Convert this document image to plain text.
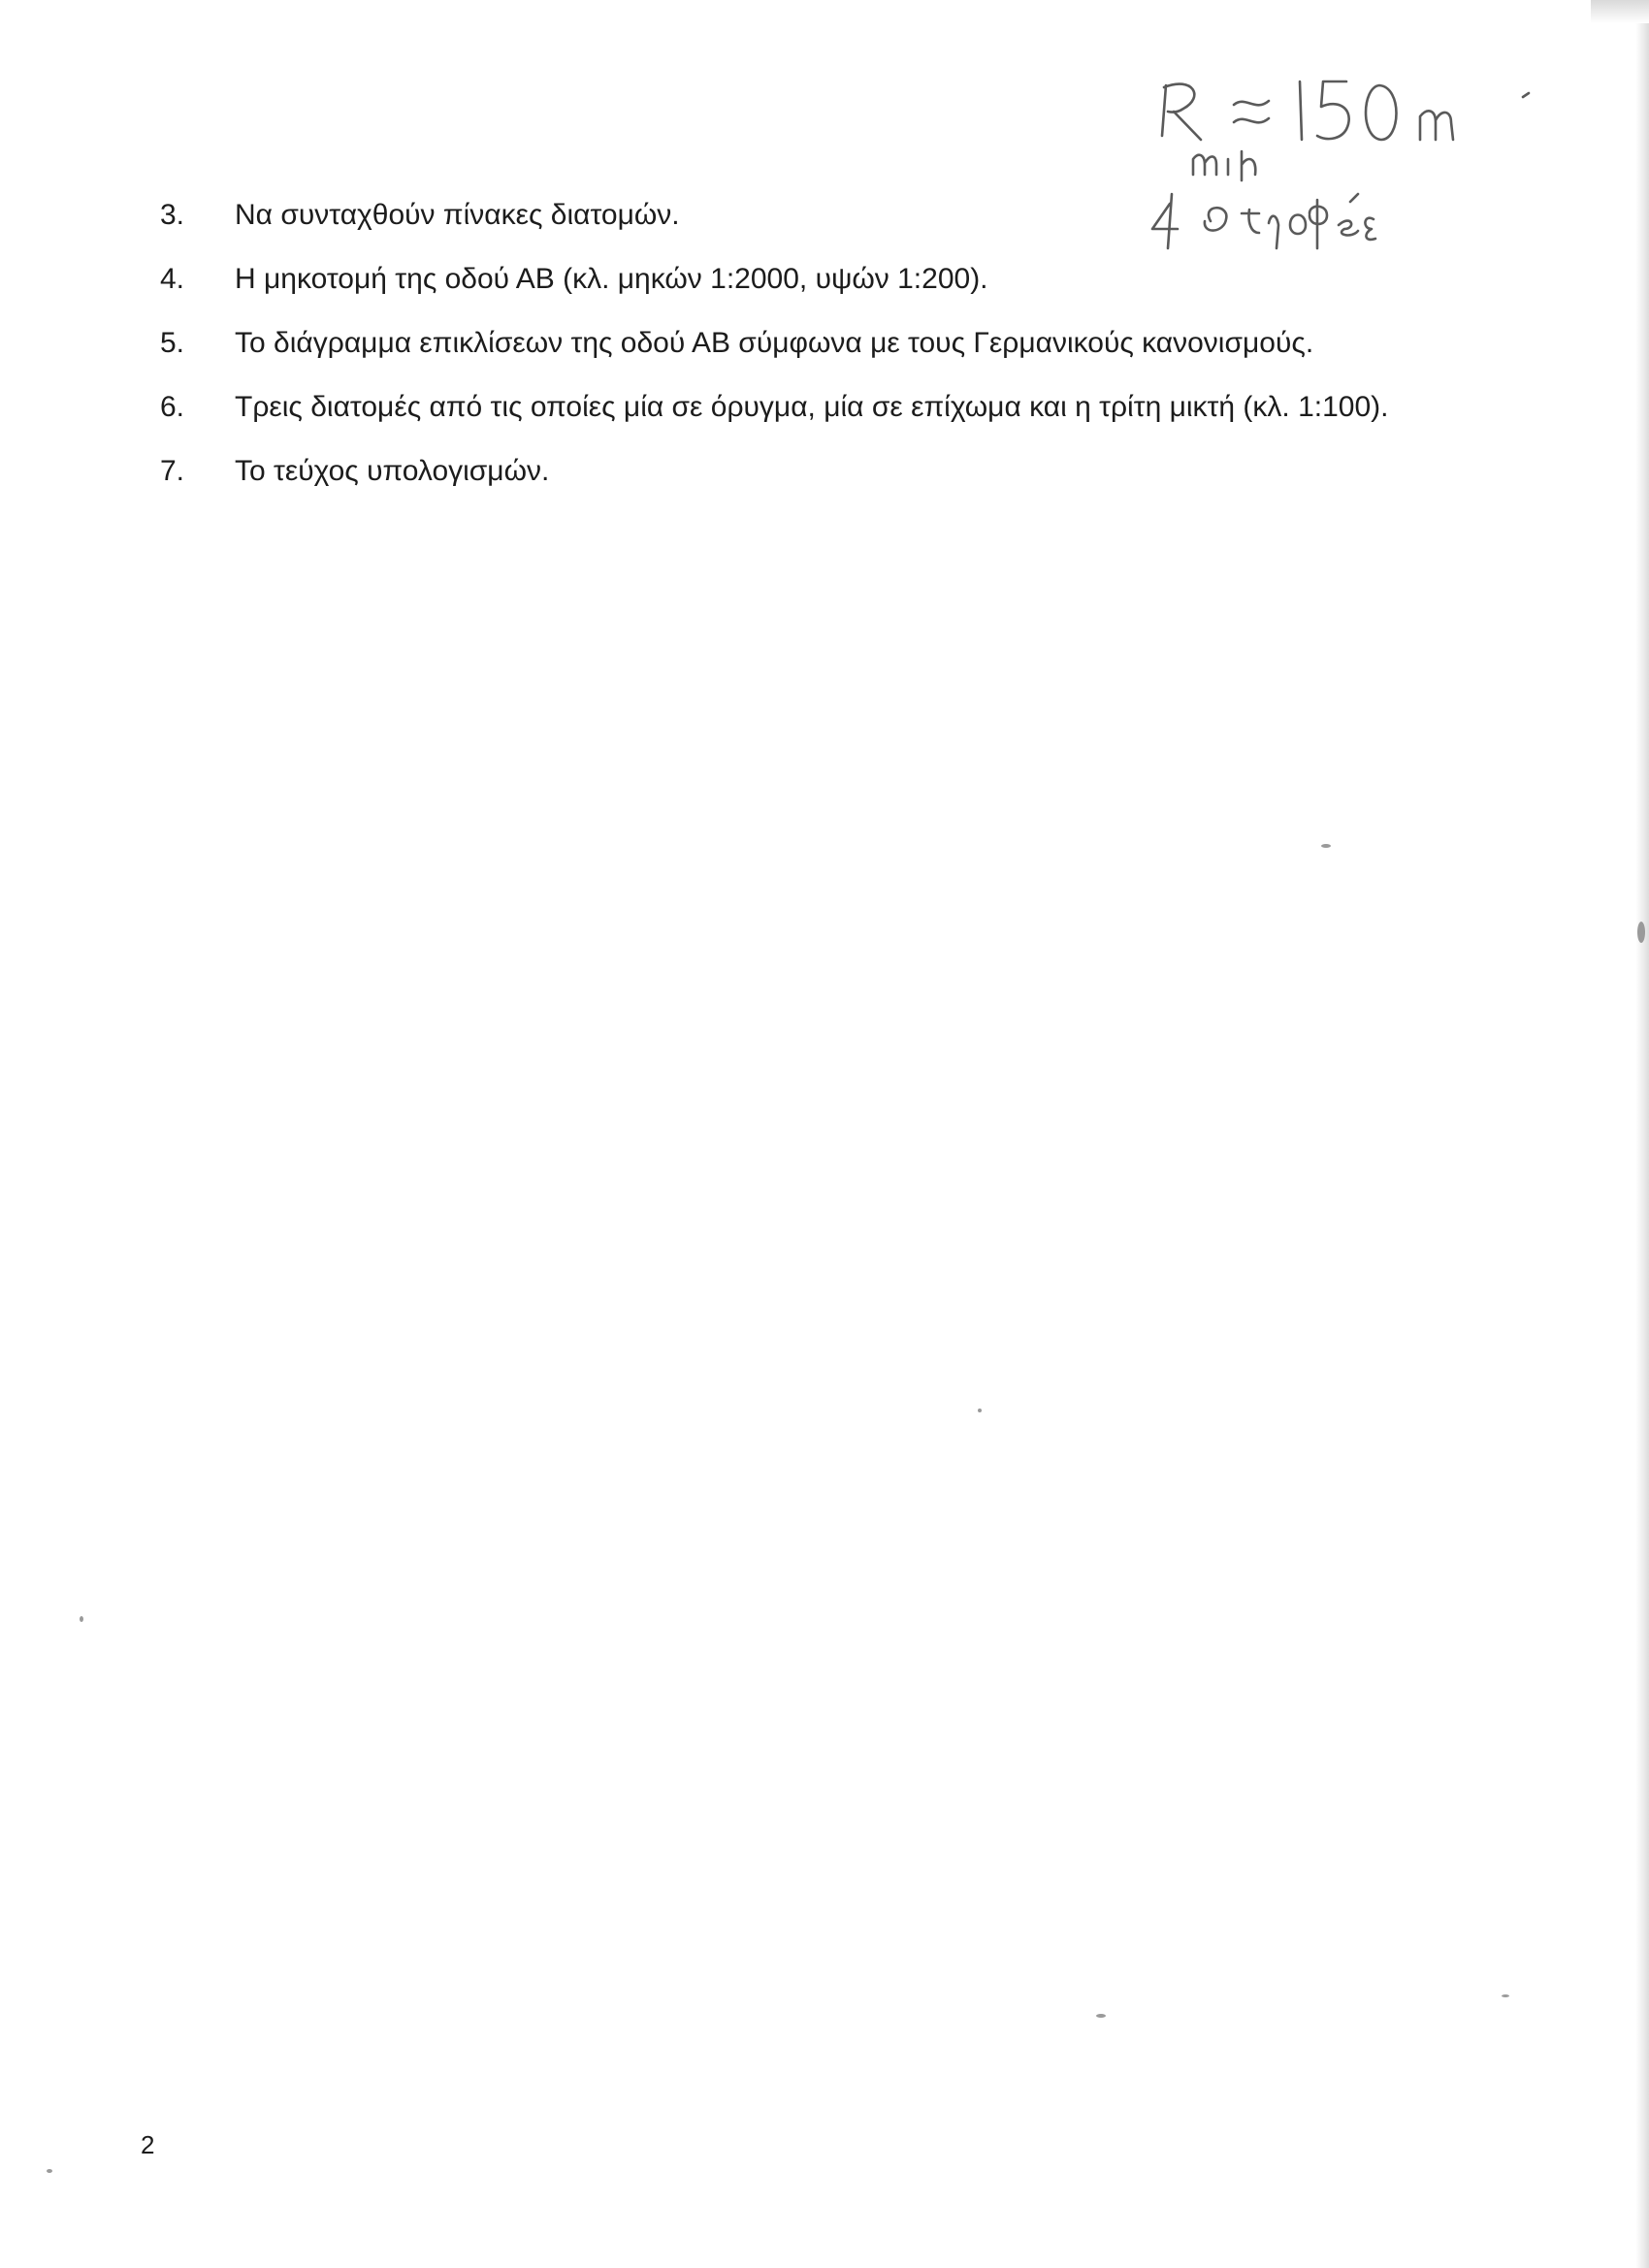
3.	Να συνταχθούν πίνακες διατομών.
4.	Η μηκοτομή της οδού ΑΒ (κλ. μηκών 1:2000, υψών 1:200).
5.	Το διάγραμμα επικλίσεων της οδού ΑΒ σύμφωνα με τους Γερμανικούς κανονισμούς.
6.	Τρεις διατομές από τις οποίες μία σε όρυγμα, μία σε επίχωμα και η τρίτη μικτή (κλ. 1:100).
7.	Το τεύχος υπολογισμών.
2
